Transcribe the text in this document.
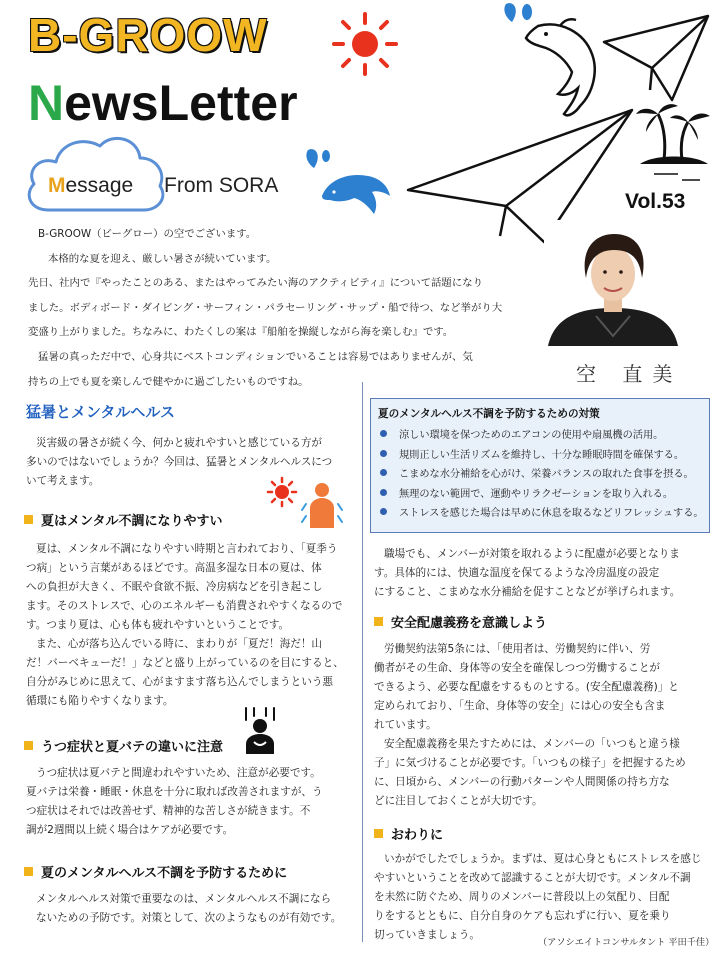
B-GROOW
NewsLetter
Message From SORA
Vol.53

B-GROOW（ビーグロー）の空でございます。

本格的な夏を迎え、厳しい暑さが続いています。

先日、社内で『やったことのある、またはやってみたい海のアクティビティ』について話題になり

ました。ボディボード・ダイビング・サーフィン・パラセーリング・サップ・船で待つ、など挙がり大

変盛り上がりました。ちなみに、わたくしの案は『船舶を操縦しながら海を楽しむ』です。

猛暑の真っただ中で、心身共にベストコンディションでいることは容易ではありませんが、気

持ちの上でも夏を楽しんで健やかに過ごしたいものですね。	空 直美
猛暑とメンタルヘルス

災害級の暑さが続く今、何かと疲れやすいと感じている方が

多いのではないでしょうか？今回は、猛暑とメンタルヘルスにつ

いて考えます。

夏はメンタル不調になりやすい

夏は、メンタル不調になりやすい時期と言われており、「夏季う

つ病」という言葉があるほどです。高温多湿な日本の夏は、体

への負担が大きく、不眠や食欲不振、冷房病などを引き起こし

ます。そのストレスで、心のエネルギーも消費されやすくなるので

す。つまり夏は、心も体も疲れやすいということです。

また、心が落ち込んでいる時に、まわりが「夏だ！海だ！山

だ！バーベキューだ！」などと盛り上がっているのを目にすると、

自分がみじめに思えて、心がますます落ち込んでしまうという悪

循環にも陥りやすくなります。

うつ症状と夏バテの違いに注意

うつ症状は夏バテと間違われやすいため、注意が必要です。

夏バテは栄養・睡眠・休息を十分に取れば改善されますが、う

つ症状はそれでは改善せず、精神的な苦しさが続きます。不

調が2週間以上続く場合はケアが必要です。

夏のメンタルヘルス不調を予防するために

メンタルヘルス対策で重要なのは、メンタルヘルス不調になら

ないための予防です。対策として、次のようなものが有効です。

夏のメンタルヘルス不調を予防するための対策
涼しい環境を保つためのエアコンの使用や扇風機の活用。
規則正しい生活リズムを維持し、十分な睡眠時間を確保する。
こまめな水分補給を心がけ、栄養バランスの取れた食事を摂る。
無理のない範囲で、運動やリラクゼーションを取り入れる。
ストレスを感じた場合は早めに休息を取るなどリフレッシュする。

職場でも、メンバーが対策を取れるように配慮が必要となりま

す。具体的には、快適な温度を保てるような冷房温度の設定

にすること、こまめな水分補給を促すことなどが挙げられます。

安全配慮義務を意識しよう

労働契約法第5条には、「使用者は、労働契約に伴い、労

働者がその生命、身体等の安全を確保しつつ労働することが

できるよう、必要な配慮をするものとする。(安全配慮義務)」と

定められており、「生命、身体等の安全」には心の安全も含ま

れています。

安全配慮義務を果たすためには、メンバーの「いつもと違う様

子」に気づけることが必要です。「いつもの様子」を把握するため

に、日頃から、メンバーの行動パターンや人間関係の持ち方な

どに注目しておくことが大切です。

おわりに

いかがでしたでしょうか。まずは、夏は心身ともにストレスを感じ

やすいということを改めて認識することが大切です。メンタル不調

を未然に防ぐため、周りのメンバーに普段以上の気配り、目配

りをするとともに、自分自身のケアも忘れずに行い、夏を乗り

切っていきましょう。

（アソシエイトコンサルタント 平田千佳）
